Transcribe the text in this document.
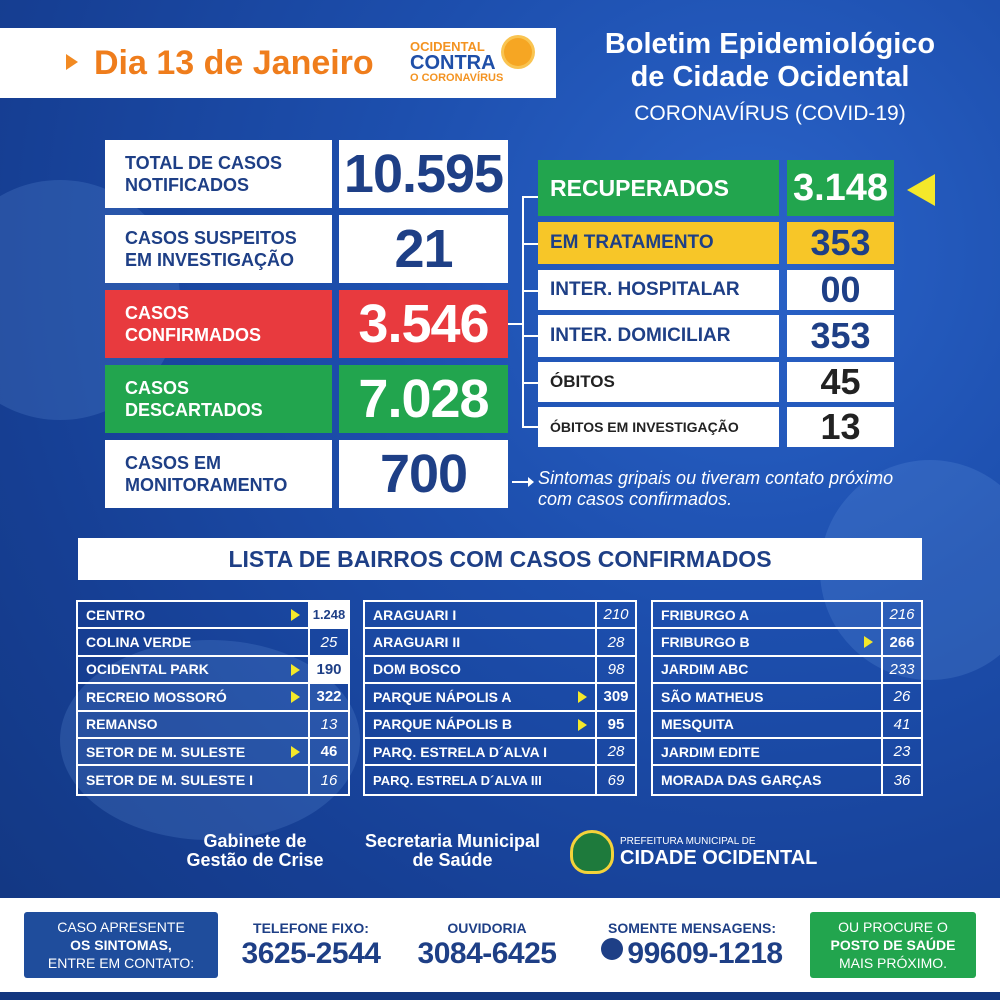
Dia 13 de Janeiro	OCIDENTAL
CONTRA
O CORONAVÍRUS
Boletim Epidemiológico
de Cidade Ocidental
CORONAVÍRUS (COVID-19)
TOTAL DE CASOS
NOTIFICADOS	10.595
CASOS SUSPEITOS
EM INVESTIGAÇÃO	21
CASOS
CONFIRMADOS	3.546
CASOS
DESCARTADOS	7.028
CASOS EM
MONITORAMENTO	700
RECUPERADOS	3.148
EM TRATAMENTO	353
INTER. HOSPITALAR	00
INTER. DOMICILIAR	353
ÓBITOS	45
ÓBITOS EM INVESTIGAÇÃO	13
Sintomas gripais ou tiveram contato próximo com casos confirmados.
LISTA DE BAIRROS COM CASOS CONFIRMADOS
CENTRO	1.248
COLINA VERDE	25
OCIDENTAL PARK	190
RECREIO MOSSORÓ	322
REMANSO	13
SETOR DE M. SULESTE	46
SETOR DE M. SULESTE I	16
ARAGUARI I	210
ARAGUARI II	28
DOM BOSCO	98
PARQUE NÁPOLIS A	309
PARQUE NÁPOLIS B	95
PARQ. ESTRELA D´ALVA I	28
PARQ. ESTRELA D´ALVA III	69
FRIBURGO A	216
FRIBURGO B	266
JARDIM ABC	233
SÃO MATHEUS	26
MESQUITA	41
JARDIM EDITE	23
MORADA DAS GARÇAS	36
Gabinete de
Gestão de Crise
Secretaria Municipal
de Saúde
PREFEITURA MUNICIPAL DE
CIDADE OCIDENTAL
CASO APRESENTE
OS SINTOMAS,
ENTRE EM CONTATO:
TELEFONE FIXO:
3625-2544
OUVIDORIA
3084-6425
SOMENTE MENSAGENS:
99609-1218
OU PROCURE O
POSTO DE SAÚDE
MAIS PRÓXIMO.
